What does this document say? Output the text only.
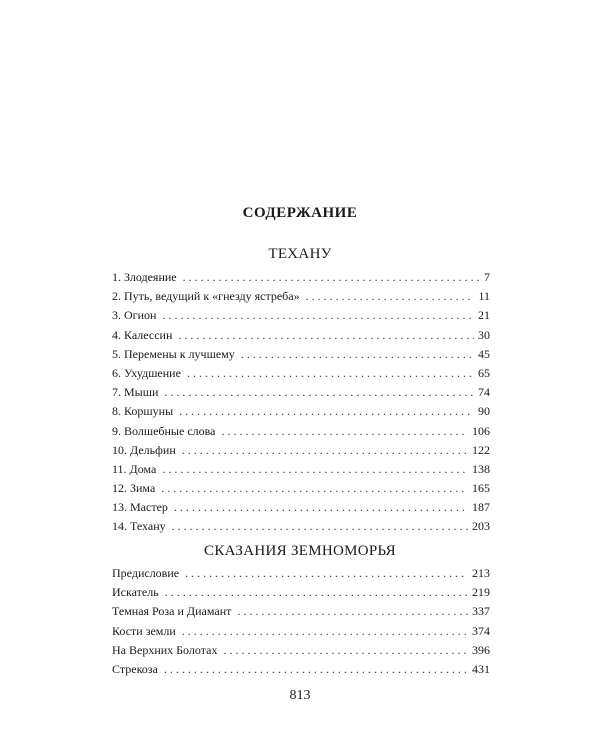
СОДЕРЖАНИЕ
ТЕХАНУ
1. Злодеяние . . .	7
2. Путь, ведущий к «гнезду ястреба» . . .	11
3. Огион . . .	21
4. Калессин . . .	30
5. Перемены к лучшему . . .	45
6. Ухудшение . . .	65
7. Мыши . . .	74
8. Коршуны . . .	90
9. Волшебные слова . . .	106
10. Дельфин . . .	122
11. Дома . . .	138
12. Зима . . .	165
13. Мастер . . .	187
14. Техану . . .	203
СКАЗАНИЯ ЗЕМНОМОРЬЯ
Предисловие . . .	213
Искатель . . .	219
Темная Роза и Диамант . . .	337
Кости земли . . .	374
На Верхних Болотах . . .	396
Стрекоза . . .	431
813
